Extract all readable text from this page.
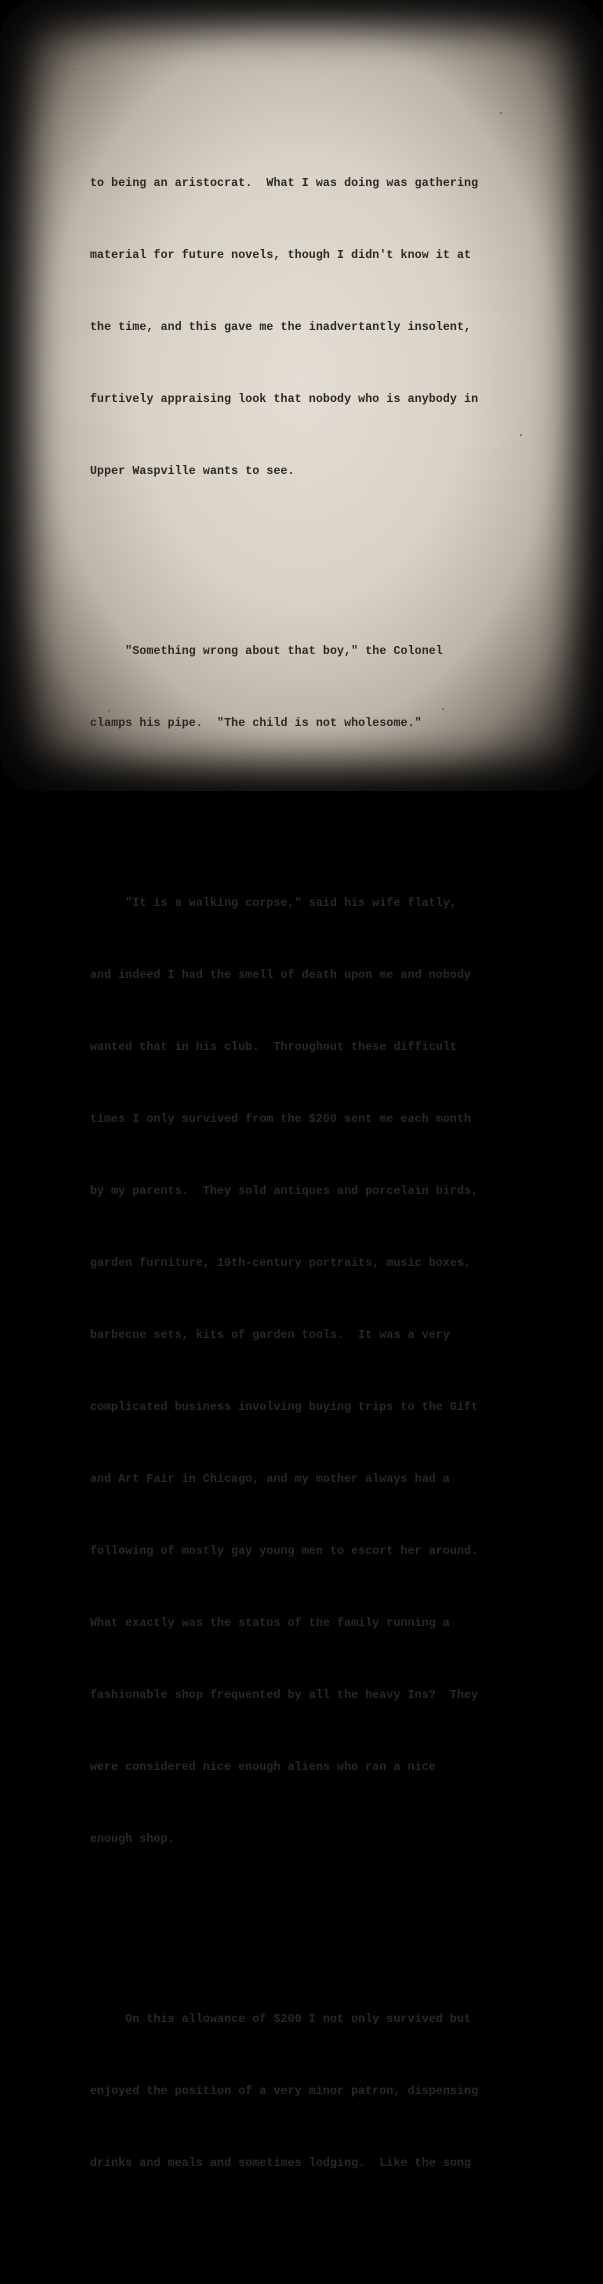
to being an aristocrat.  What I was doing was gathering

material for future novels, though I didn't know it at

the time, and this gave me the inadvertantly insolent,

furtively appraising look that nobody who is anybody in

Upper Waspville wants to see.

"Something wrong about that boy," the Colonel

clamps his pipe.  "The child is not wholesome."

"It is a walking corpse," said his wife flatly,

and indeed I had the smell of death upon me and nobody

wanted that in his club.  Throughout these difficult

times I only survived from the $200 sent me each month

by my parents.  They sold antiques and porcelain birds,

garden furniture, 19th-century portraits, music boxes,

barbecue sets, kits of garden tools.  It was a very

complicated business involving buying trips to the Gift

and Art Fair in Chicago, and my mother always had a

following of mostly gay young men to escort her around.

What exactly was the status of the family running a

fashionable shop frequented by all the heavy Ins?  They

were considered nice enough aliens who ran a nice

enough shop.

On this allowance of $200 I not only survived but

enjoyed the position of a very minor patron, dispensing

drinks and meals and sometimes lodging.  Like the song
